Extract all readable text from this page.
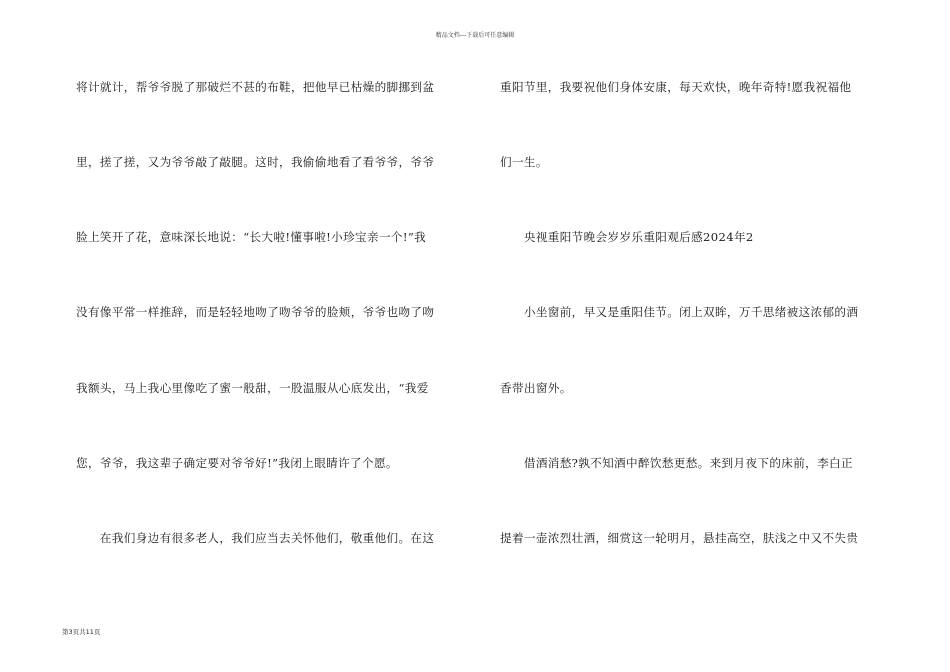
精品文档---下载后可任意编辑
将计就计，帮爷爷脱了那破烂不甚的布鞋，把他早已枯燥的脚挪到盆
里，搓了搓，又为爷爷敲了敲腿。这时，我偷偷地看了看爷爷，爷爷
脸上笑开了花，意味深长地说：“长大啦!懂事啦!小珍宝亲一个!”我
没有像平常一样推辞，而是轻轻地吻了吻爷爷的脸颊，爷爷也吻了吻
我额头，马上我心里像吃了蜜一般甜，一股温服从心底发出，“我爱
您，爷爷，我这辈子确定要对爷爷好!”我闭上眼睛许了个愿。
　　在我们身边有很多老人，我们应当去关怀他们，敬重他们。在这
重阳节里，我要祝他们身体安康，每天欢快，晚年奇特!愿我祝福他
们一生。
　　央视重阳节晚会岁岁乐重阳观后感2024年2
　　小坐窗前，早又是重阳佳节。闭上双眸，万千思绪被这浓郁的酒
香带出窗外。
　　借酒消愁?孰不知酒中醉饮愁更愁。来到月夜下的床前，李白正
提着一壶浓烈壮酒，细赏这一轮明月，悬挂高空，肤浅之中又不失贵
第3页共11页
